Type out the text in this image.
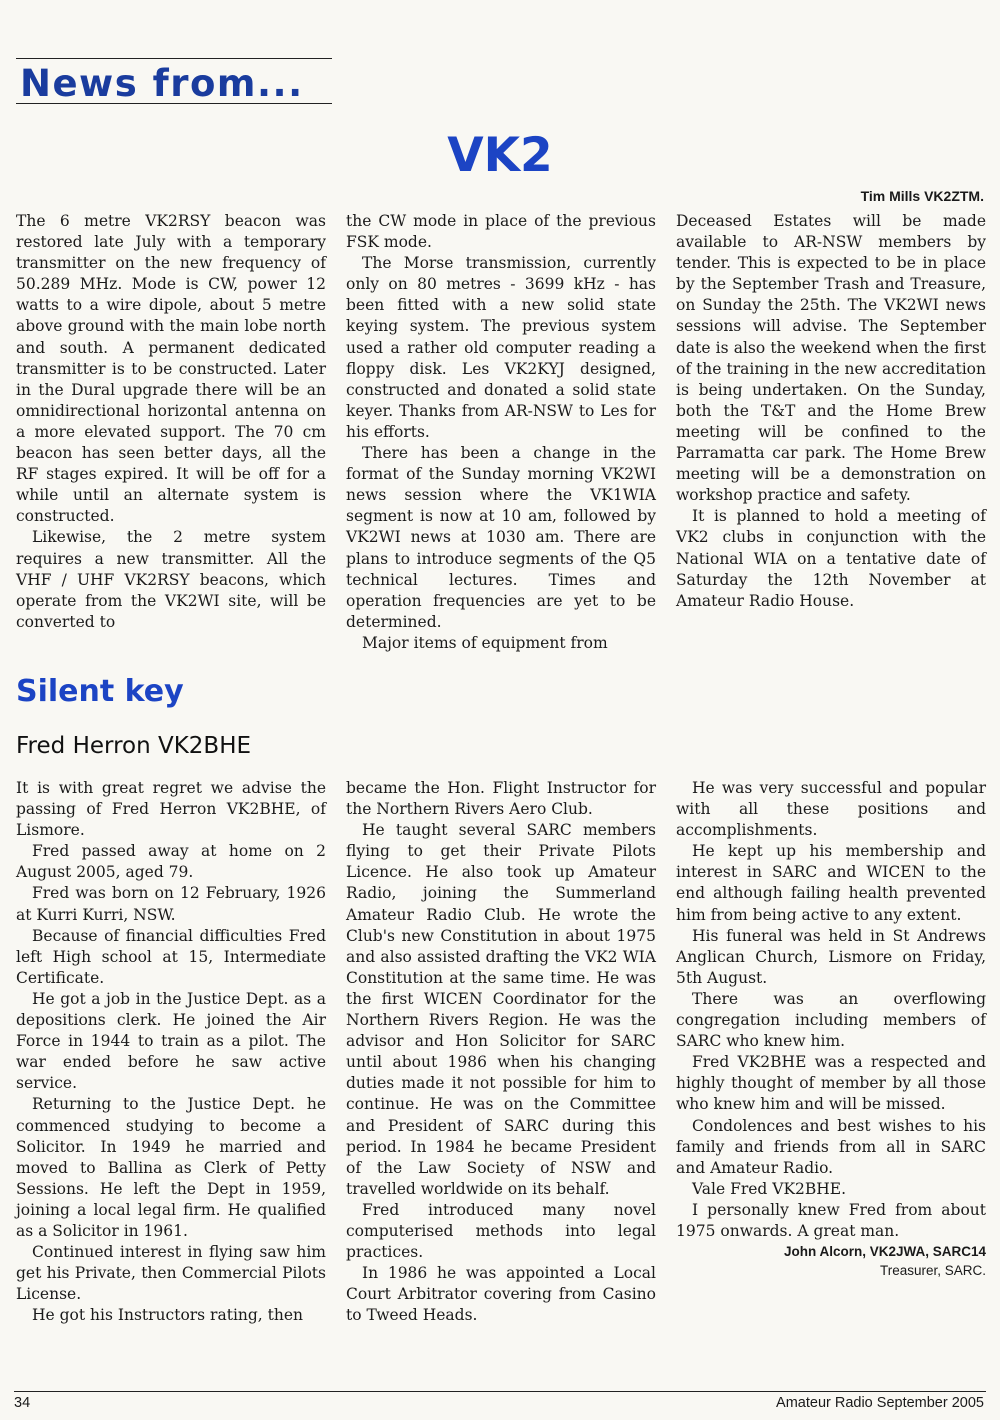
News from...
VK2
Tim Mills VK2ZTM.

The 6 metre VK2RSY beacon was restored late July with a temporary transmitter on the new frequency of 50.289 MHz. Mode is CW, power 12 watts to a wire dipole, about 5 metre above ground with the main lobe north and south. A permanent dedicated transmitter is to be constructed. Later in the Dural upgrade there will be an omnidirectional horizontal antenna on a more elevated support. The 70 cm beacon has seen better days, all the RF stages expired. It will be off for a while until an alternate system is constructed.

Likewise, the 2 metre system requires a new transmitter. All the VHF / UHF VK2RSY beacons, which operate from the VK2WI site, will be converted to

the CW mode in place of the previous FSK mode.

The Morse transmission, currently only on 80 metres - 3699 kHz - has been fitted with a new solid state keying system. The previous system used a rather old computer reading a floppy disk. Les VK2KYJ designed, constructed and donated a solid state keyer. Thanks from AR-NSW to Les for his efforts.

There has been a change in the format of the Sunday morning VK2WI news session where the VK1WIA segment is now at 10 am, followed by VK2WI news at 1030 am. There are plans to introduce segments of the Q5 technical lectures. Times and operation frequencies are yet to be determined.

Major items of equipment from

Deceased Estates will be made available to AR-NSW members by tender. This is expected to be in place by the September Trash and Treasure, on Sunday the 25th. The VK2WI news sessions will advise. The September date is also the weekend when the first of the training in the new accreditation is being undertaken. On the Sunday, both the T&T and the Home Brew meeting will be confined to the Parramatta car park. The Home Brew meeting will be a demonstration on workshop practice and safety.

It is planned to hold a meeting of VK2 clubs in conjunction with the National WIA on a tentative date of Saturday the 12th November at Amateur Radio House.

Silent key
Fred Herron VK2BHE

It is with great regret we advise the passing of Fred Herron VK2BHE, of Lismore.

Fred passed away at home on 2 August 2005, aged 79.

Fred was born on 12 February, 1926 at Kurri Kurri, NSW.

Because of financial difficulties Fred left High school at 15, Intermediate Certificate.

He got a job in the Justice Dept. as a depositions clerk. He joined the Air Force in 1944 to train as a pilot. The war ended before he saw active service.

Returning to the Justice Dept. he commenced studying to become a Solicitor. In 1949 he married and moved to Ballina as Clerk of Petty Sessions. He left the Dept in 1959, joining a local legal firm. He qualified as a Solicitor in 1961.

Continued interest in flying saw him get his Private, then Commercial Pilots License.

He got his Instructors rating, then

became the Hon. Flight Instructor for the Northern Rivers Aero Club.

He taught several SARC members flying to get their Private Pilots Licence. He also took up Amateur Radio, joining the Summerland Amateur Radio Club. He wrote the Club's new Constitution in about 1975 and also assisted drafting the VK2 WIA Constitution at the same time. He was the first WICEN Coordinator for the Northern Rivers Region. He was the advisor and Hon Solicitor for SARC until about 1986 when his changing duties made it not possible for him to continue. He was on the Committee and President of SARC during this period. In 1984 he became President of the Law Society of NSW and travelled worldwide on its behalf.

Fred introduced many novel computerised methods into legal practices.

In 1986 he was appointed a Local Court Arbitrator covering from Casino to Tweed Heads.

He was very successful and popular with all these positions and accomplishments.

He kept up his membership and interest in SARC and WICEN to the end although failing health prevented him from being active to any extent.

His funeral was held in St Andrews Anglican Church, Lismore on Friday, 5th August.

There was an overflowing congregation including members of SARC who knew him.

Fred VK2BHE was a respected and highly thought of member by all those who knew him and will be missed.

Condolences and best wishes to his family and friends from all in SARC and Amateur Radio.

Vale Fred VK2BHE.

I personally knew Fred from about 1975 onwards. A great man.

John Alcorn, VK2JWA, SARC14
Treasurer, SARC.
34	Amateur Radio September 2005
